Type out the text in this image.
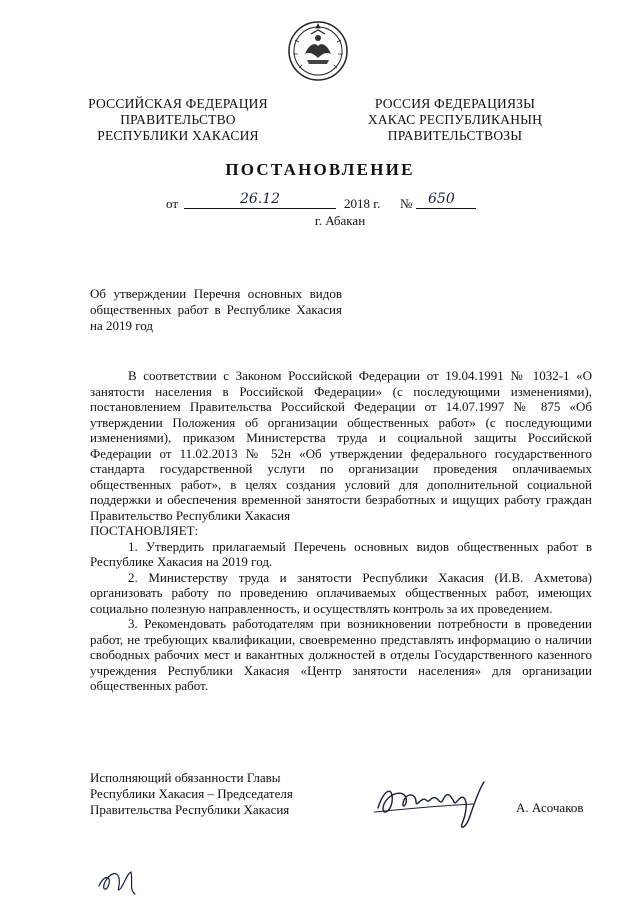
РОССИЙСКАЯ ФЕДЕРАЦИЯ
ПРАВИТЕЛЬСТВО
РЕСПУБЛИКИ ХАКАСИЯ
РОССИЯ ФЕДЕРАЦИЯЗЫ
ХАКАС РЕСПУБЛИКАНЫҢ
ПРАВИТЕЛЬСТВОЗЫ
ПОСТАНОВЛЕНИЕ
от	26.12	2018 г. № 650
г. Абакан
Об утверждении Перечня основных видов общественных работ в Республике Хакасия на 2019 год

В соответствии с Законом Российской Федерации от 19.04.1991 № 1032-1 «О занятости населения в Российской Федерации» (с последующими изменениями), постановлением Правительства Российской Федерации от 14.07.1997 № 875 «Об утверждении Положения об организации общественных работ» (с последующими изменениями), приказом Министерства труда и социальной защиты Российской Федерации от 11.02.2013 № 52н «Об утверждении федерального государственного стандарта государственной услуги по организации проведения оплачиваемых общественных работ», в целях создания условий для дополнительной социальной поддержки и обеспечения временной занятости безработных и ищущих работу граждан Правительство Республики Хакасия

ПОСТАНОВЛЯЕТ:

1. Утвердить прилагаемый Перечень основных видов общественных работ в Республике Хакасия на 2019 год.

2. Министерству труда и занятости Республики Хакасия (И.В. Ахметова) организовать работу по проведению оплачиваемых общественных работ, имеющих социально полезную направленность, и осуществлять контроль за их проведением.

3. Рекомендовать работодателям при возникновении потребности в проведении работ, не требующих квалификации, своевременно представлять информацию о наличии свободных рабочих мест и вакантных должностей в отделы Государственного казенного учреждения Республики Хакасия «Центр занятости населения» для организации общественных работ.

Исполняющий обязанности Главы
Республики Хакасия – Председателя
Правительства Республики Хакасия	А. Асочаков
